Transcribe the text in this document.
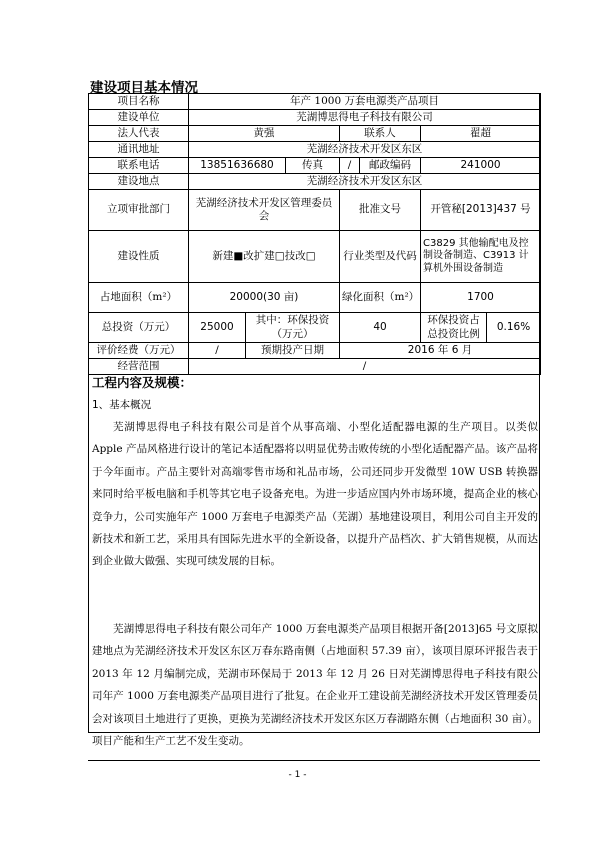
建设项目基本情况
项目名称	年产 1000 万套电源类产品项目						
建设单位	芜湖博思得电子科技有限公司						
法人代表	黄强			联系人		翟超	
通讯地址	芜湖经济技术开发区东区						
联系电话	13851636680		传真	/	邮政编码	241000	
建设地点	芜湖经济技术开发区东区						
立项审批部门	芜湖经济技术开发区管理委员会			批准文号		开管秘[2013]437 号	
建设性质	新建■改扩建□技改□			行业类型及代码		C3829 其他输配电及控制设备制造、C3913 计算机外围设备制造	
占地面积（m²）	20000(30 亩)			绿化面积（m²）		1700	
总投资（万元）	25000	其中：环保投资（万元）		40		环保投资占总投资比例	0.16%
评价经费（万元）	/	预期投产日期		2016 年 6 月			
经营范围	/						
工程内容及规模：
1、基本概况

芜湖博思得电子科技有限公司是首个从事高端、小型化适配器电源的生产项目。以类似 Apple 产品风格进行设计的笔记本适配器将以明显优势击败传统的小型化适配器产品。该产品将于今年面市。产品主要针对高端零售市场和礼品市场，公司还同步开发微型 10W USB 转换器来同时给平板电脑和手机等其它电子设备充电。为进一步适应国内外市场环境，提高企业的核心竞争力，公司实施年产 1000 万套电子电源类产品（芜湖）基地建设项目，利用公司自主开发的新技术和新工艺，采用具有国际先进水平的全新设备，以提升产品档次、扩大销售规模，从而达到企业做大做强、实现可续发展的目标。

芜湖博思得电子科技有限公司年产 1000 万套电源类产品项目根据开备[2013]65 号文原拟建地点为芜湖经济技术开发区东区万春东路南侧（占地面积 57.39 亩），该项目原环评报告表于 2013 年 12 月编制完成，芜湖市环保局于 2013 年 12 月 26 日对芜湖博思得电子科技有限公司年产 1000 万套电源类产品项目进行了批复。在企业开工建设前芜湖经济技术开发区管理委员会对该项目土地进行了更换，更换为芜湖经济技术开发区东区万春湖路东侧（占地面积 30 亩）。项目产能和生产工艺不发生变动。

- 1 -
